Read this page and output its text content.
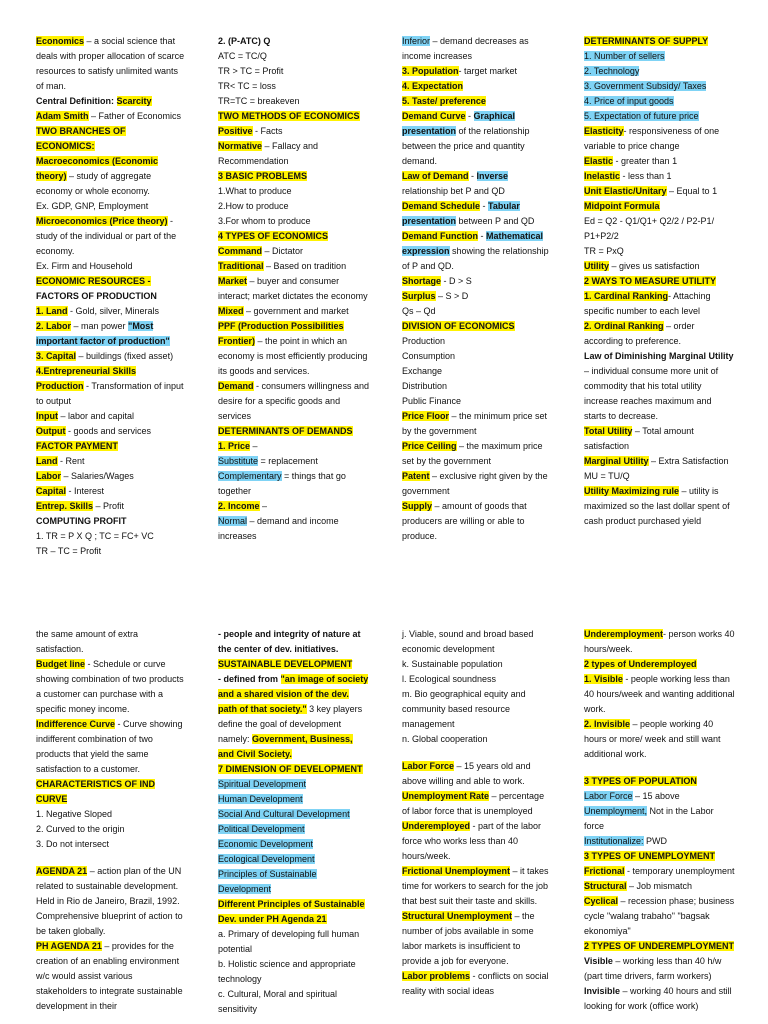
Economics – a social science that deals with proper allocation of scarce resources to satisfy unlimited wants of man.
Central Definition: Scarcity
Adam Smith – Father of Economics
TWO BRANCHES OF ECONOMICS:
Macroeconomics (Economic theory) – study of aggregate economy or whole economy.
Ex. GDP, GNP, Employment
Microeconomics (Price theory) - study of the individual or part of the economy.
Ex. Firm and Household
ECONOMIC RESOURCES -
FACTORS OF PRODUCTION
1. Land - Gold, silver, Minerals
2. Labor – man power "Most important factor of production"
3. Capital – buildings (fixed asset)
4.Entrepreneurial Skills Production - Transformation of input to output
Input – labor and capital
Output - goods and services
FACTOR PAYMENT
Land - Rent
Labor – Salaries/Wages
Capital - Interest
Entrep. Skills – Profit
COMPUTING PROFIT
1. TR = P X Q ; TC = FC+ VC
TR – TC = Profit
2. (P-ATC) Q
ATC = TC/Q
TR > TC = Profit
TR< TC = loss
TR=TC = breakeven
TWO METHODS OF ECONOMICS
Positive - Facts
Normative – Fallacy and Recommendation
3 BASIC PROBLEMS
1.What to produce
2.How to produce
3.For whom to produce
4 TYPES OF ECONOMICS
Command – Dictator
Traditional – Based on tradition
Market – buyer and consumer interact; market dictates the economy
Mixed – government and market
PPF (Production Possibilities Frontier) – the point in which an economy is most efficiently producing its goods and services.
Demand - consumers willingness and desire for a specific goods and services
DETERMINANTS OF DEMANDS
1. Price –
Substitute = replacement
Complementary = things that go together
2. Income –
Normal – demand and income increases
Inferior – demand decreases as income increases
3. Population- target market
4. Expectation
5. Taste/ preference
Demand Curve - Graphical presentation of the relationship between the price and quantity demand.
Law of Demand - Inverse relationship bet P and QD
Demand Schedule - Tabular presentation between P and QD
Demand Function - Mathematical expression showing the relationship of P and QD.
Shortage - D > S
Surplus – S > D
Qs – Qd
DIVISION OF ECONOMICS
Production
Consumption
Exchange
Distribution
Public Finance
Price Floor – the minimum price set by the government
Price Ceiling – the maximum price set by the government
Patent – exclusive right given by the government
Supply – amount of goods that producers are willing or able to produce.
DETERMINANTS OF SUPPLY
1. Number of sellers
2. Technology
3. Government Subsidy/ Taxes
4. Price of input goods
5. Expectation of future price
Elasticity- responsiveness of one variable to price change
Elastic - greater than 1
Inelastic - less than 1
Unit Elastic/Unitary – Equal to 1
Midpoint Formula
Ed = Q2 - Q1/Q1+ Q2/2 / P2-P1/ P1+P2/2
TR = PxQ
Utility – gives us satisfaction
2 WAYS TO MEASURE UTILITY
1. Cardinal Ranking- Attaching specific number to each level
2. Ordinal Ranking – order according to preference.
Law of Diminishing Marginal Utility – individual consume more unit of commodity that his total utility increase reaches maximum and starts to decrease.
Total Utility – Total amount satisfaction
Marginal Utility – Extra Satisfaction
MU = TU/Q
Utility Maximizing rule – utility is maximized so the last dollar spent of cash product purchased yield
the same amount of extra satisfaction.
Budget line - Schedule or curve showing combination of two products a customer can purchase with a specific money income.
Indifference Curve - Curve showing indifferent combination of two products that yield the same satisfaction to a customer.
CHARACTERISTICS OF IND CURVE
1. Negative Sloped
2. Curved to the origin
3. Do not intersect
AGENDA 21 – action plan of the UN related to sustainable development. Held in Rio de Janeiro, Brazil, 1992. Comprehensive blueprint of action to be taken globally.
PH AGENDA 21 – provides for the creation of an enabling environment w/c would assist various stakeholders to integrate sustainable development in their
- people and integrity of nature at the center of dev. initiatives.
SUSTAINABLE DEVELOPMENT
- defined from "an image of society and a shared vision of the dev. path of that society." 3 key players define the goal of development namely: Government, Business, and Civil Society.
7 DIMENSION OF DEVELOPMENT
Spiritual Development
Human Development
Social And Cultural Development
Political Development
Economic Development
Ecological Development
Principles of Sustainable Development
Different Principles of Sustainable Dev. under PH Agenda 21
a. Primary of developing full human potential
b. Holistic science and appropriate technology
c. Cultural, Moral and spiritual sensitivity
j. Viable, sound and broad based economic development
k. Sustainable population
l. Ecological soundness
m. Bio geographical equity and community based resource management
n. Global cooperation
Labor Force – 15 years old and above willing and able to work.
Unemployment Rate – percentage of labor force that is unemployed
Underemployed - part of the labor force who works less than 40 hours/week.
Frictional Unemployment – it takes time for workers to search for the job that best suit their taste and skills.
Structural Unemployment – the number of jobs available in some labor markets is insufficient to provide a job for everyone.
Labor problems - conflicts on social reality with social ideas
Underemployment- person works 40 hours/week.
2 types of Underemployed
1. Visible - people working less than 40 hours/week and wanting additional work.
2. Invisible – people working 40 hours or more/ week and still want additional work.
3 TYPES OF POPULATION
Labor Force – 15 above
Unemployment, Not in the Labor force
Institutionalize: PWD
3 TYPES OF UNEMPLOYMENT
Frictional - temporary unemployment
Structural – Job mismatch
Cyclical – recession phase; business cycle "walang trabaho" "bagsak ekonomiya"
2 TYPES OF UNDEREMPLOYMENT
Visible – working less than 40 h/w (part time drivers, farm workers)
Invisible – working 40 hours and still looking for work (office work)
